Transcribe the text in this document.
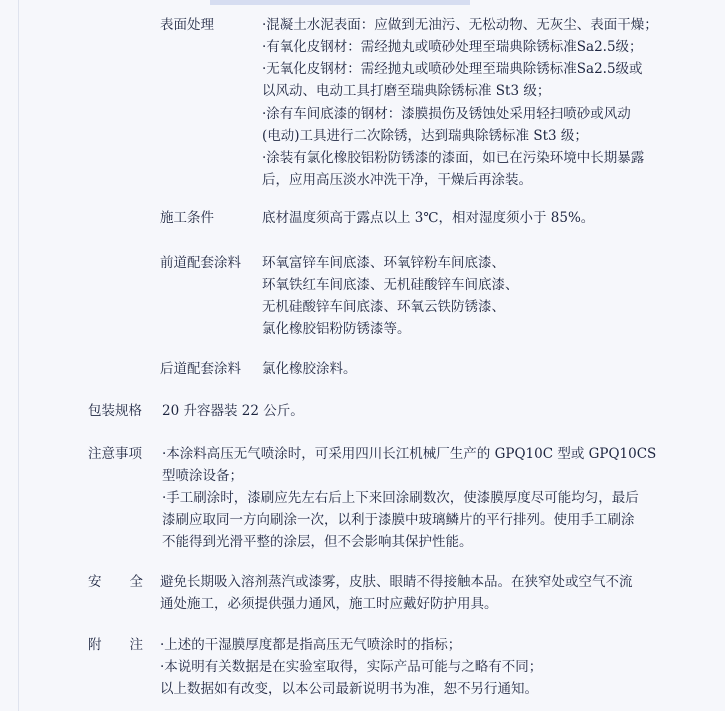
表面处理	·混凝土水泥表面：应做到无油污、无松动物、无灰尘、表面干燥；
·有氧化皮钢材：需经抛丸或喷砂处理至瑞典除锈标准Sa2.5级；
·无氧化皮钢材：需经抛丸或喷砂处理至瑞典除锈标准Sa2.5级或
以风动、电动工具打磨至瑞典除锈标准 St3 级；
·涂有车间底漆的钢材：漆膜损伤及锈蚀处采用轻扫喷砂或风动
(电动)工具进行二次除锈，达到瑞典除锈标准 St3 级；
·涂装有氯化橡胶铝粉防锈漆的漆面，如已在污染环境中长期暴露
后，应用高压淡水冲洗干净，干燥后再涂装。
施工条件	底材温度须高于露点以上 3℃，相对湿度须小于 85%。
前道配套涂料 环氧富锌车间底漆、环氧锌粉车间底漆、
环氧铁红车间底漆、无机硅酸锌车间底漆、
无机硅酸锌车间底漆、环氧云铁防锈漆、
氯化橡胶铝粉防锈漆等。
后道配套涂料 氯化橡胶涂料。
包装规格 20 升容器装 22 公斤。
注意事项 ·本涂料高压无气喷涂时，可采用四川长江机械厂生产的 GPQ10C 型或 GPQ10CS
型喷涂设备；
·手工刷涂时，漆刷应先左右后上下来回涂刷数次，使漆膜厚度尽可能均匀，最后
漆刷应取同一方向刷涂一次，以利于漆膜中玻璃鳞片的平行排列。使用手工刷涂
不能得到光滑平整的涂层，但不会影响其保护性能。
安全
避免长期吸入溶剂蒸汽或漆雾，皮肤、眼睛不得接触本品。在狭窄处或空气不流
通处施工，必须提供强力通风，施工时应戴好防护用具。
附注
·上述的干湿膜厚度都是指高压无气喷涂时的指标；
·本说明有关数据是在实验室取得，实际产品可能与之略有不同；
以上数据如有改变，以本公司最新说明书为准，恕不另行通知。
